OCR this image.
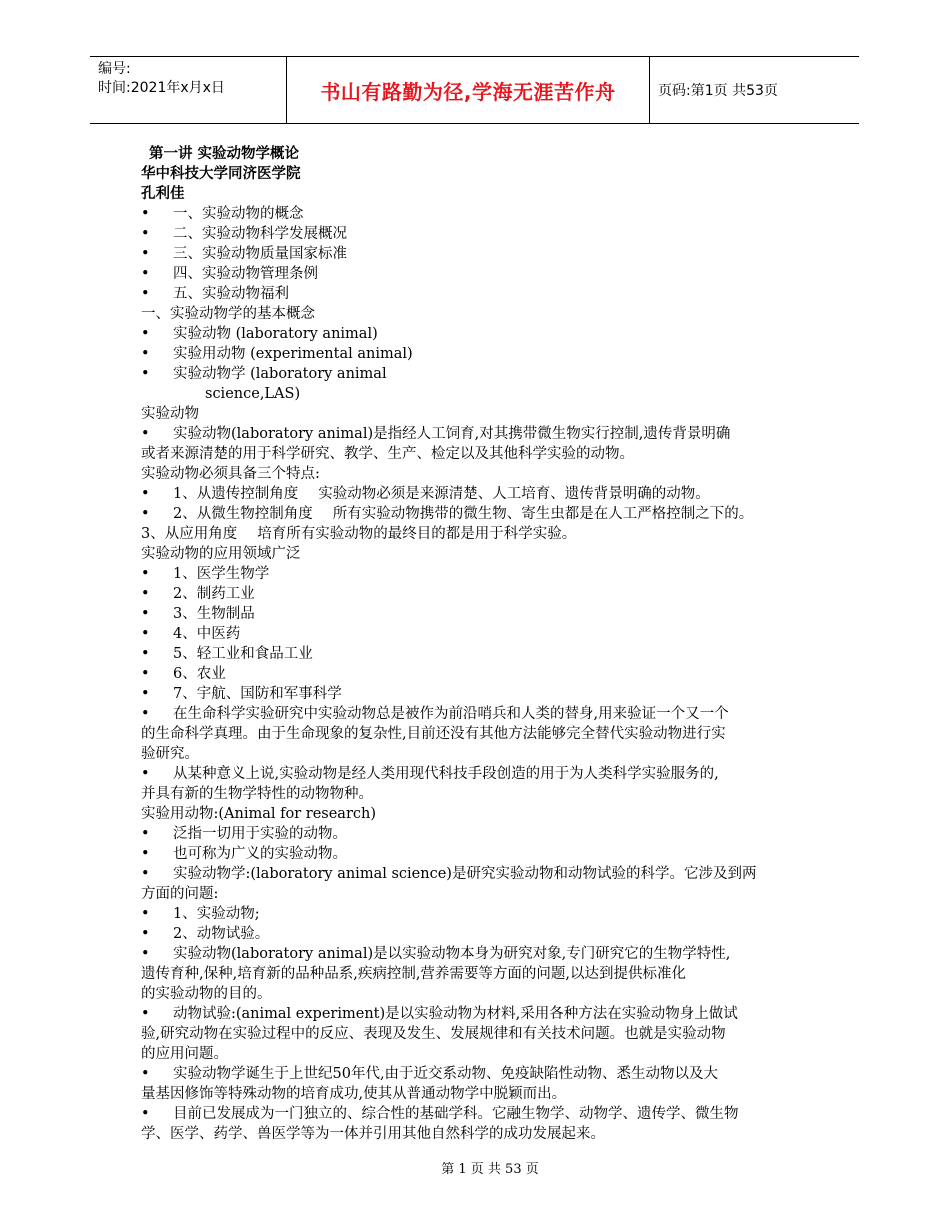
编号:
时间:2021年x月x日	书山有路勤为径,学海无涯苦作舟	页码:第1页 共53页
第一讲 实验动物学概论
华中科技大学同济医学院
孔利佳
•	一、实验动物的概念
•	二、实验动物科学发展概况
•	三、实验动物质量国家标准
•	四、实验动物管理条例
•	五、实验动物福利
一、实验动物学的基本概念
•	实验动物 (laboratory animal)
•	实验用动物 (experimental animal)
•	实验动物学 (laboratory animal
science,LAS)
实验动物
•	实验动物(laboratory animal)是指经人工饲育,对其携带微生物实行控制,遗传背景明确
或者来源清楚的用于科学研究、教学、生产、检定以及其他科学实验的动物。
实验动物必须具备三个特点:
•	1、从遗传控制角度 实验动物必须是来源清楚、人工培育、遗传背景明确的动物。
•	2、从微生物控制角度 所有实验动物携带的微生物、寄生虫都是在人工严格控制之下的。
3、从应用角度 培育所有实验动物的最终目的都是用于科学实验。
实验动物的应用领域广泛
•	1、医学生物学
•	2、制药工业
•	3、生物制品
•	4、中医药
•	5、轻工业和食品工业
•	6、农业
•	7、宇航、国防和军事科学
•	在生命科学实验研究中实验动物总是被作为前沿哨兵和人类的替身,用来验证一个又一个
的生命科学真理。由于生命现象的复杂性,目前还没有其他方法能够完全替代实验动物进行实
验研究。
•	从某种意义上说,实验动物是经人类用现代科技手段创造的用于为人类科学实验服务的,
并具有新的生物学特性的动物物种。
实验用动物:(Animal for research)
•	泛指一切用于实验的动物。
•	也可称为广义的实验动物。
•	实验动物学:(laboratory animal science)是研究实验动物和动物试验的科学。它涉及到两
方面的问题:
•	1、实验动物;
•	2、动物试验。
•	实验动物(laboratory animal)是以实验动物本身为研究对象,专门研究它的生物学特性,
遗传育种,保种,培育新的品种品系,疾病控制,营养需要等方面的问题,以达到提供标准化
的实验动物的目的。
•	动物试验:(animal experiment)是以实验动物为材料,采用各种方法在实验动物身上做试
验,研究动物在实验过程中的反应、表现及发生、发展规律和有关技术问题。也就是实验动物
的应用问题。
•	实验动物学诞生于上世纪50年代,由于近交系动物、免疫缺陷性动物、悉生动物以及大
量基因修饰等特殊动物的培育成功,使其从普通动物学中脱颖而出。
•	目前已发展成为一门独立的、综合性的基础学科。它融生物学、动物学、遗传学、微生物
学、医学、药学、兽医学等为一体并引用其他自然科学的成功发展起来。
第 1 页 共 53 页
